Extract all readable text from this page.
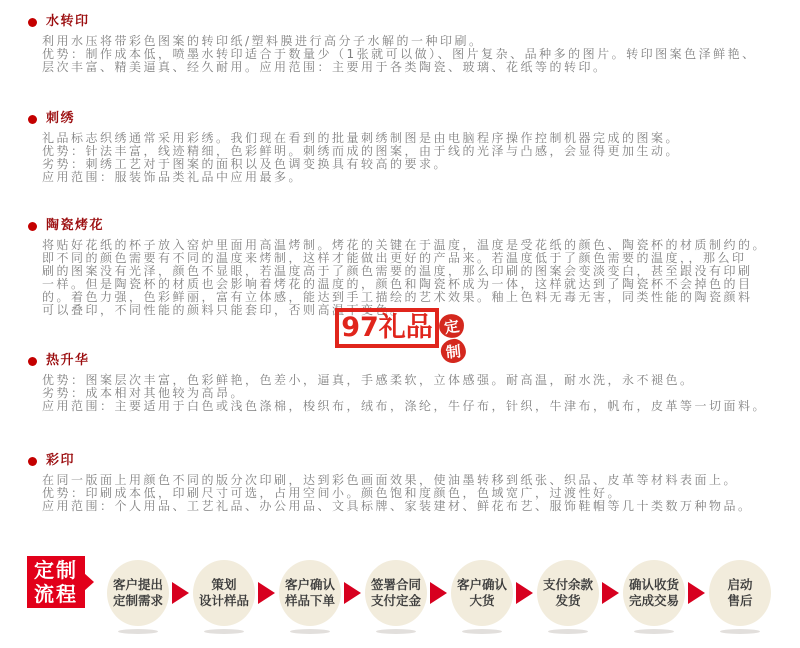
水转印
利用水压将带彩色图案的转印纸/塑料膜进行高分子水解的一种印刷。
优势：制作成本低，喷墨水转印适合于数量少（1张就可以做）、图片复杂、品种多的图片。转印图案色泽鲜艳、
层次丰富、精美逼真、经久耐用。应用范围：主要用于各类陶瓷、玻璃、花纸等的转印。
刺绣
礼品标志织绣通常采用彩绣。我们现在看到的批量刺绣制图是由电脑程序操作控制机器完成的图案。
优势：针法丰富，线迹精细，色彩鲜明。刺绣而成的图案，由于线的光泽与凸感，会显得更加生动。
劣势：刺绣工艺对于图案的面积以及色调变换具有较高的要求。
应用范围：服装饰品类礼品中应用最多。
陶瓷烤花
将贴好花纸的杯子放入窑炉里面用高温烤制。烤花的关键在于温度，温度是受花纸的颜色、陶瓷杯的材质制约的。
即不同的颜色需要有不同的温度来烤制，这样才能做出更好的产品来。若温度低于了颜色需要的温度，，那么印
刷的图案没有光泽，颜色不显眼，若温度高于了颜色需要的温度，那么印刷的图案会变淡变白，甚至跟没有印刷
一样。但是陶瓷杯的材质也会影响着烤花的温度的，颜色和陶瓷杯成为一体，这样就达到了陶瓷杯不会掉色的目
的。着色力强，色彩鲜丽，富有立体感，能达到手工描绘的艺术效果。釉上色料无毒无害，同类性能的陶瓷颜料
可以叠印，不同性能的颜料只能套印，否则高温下变色。
热升华
优势：图案层次丰富，色彩鲜艳，色差小，逼真，手感柔软，立体感强。耐高温，耐水洗，永不褪色。
劣势：成本相对其他较为高昂。
应用范围：主要适用于白色或浅色涤棉，梭织布，绒布，涤纶，牛仔布，针织，牛津布，帆布，皮革等一切面料。
彩印
在同一版面上用颜色不同的版分次印刷，达到彩色画面效果，使油墨转移到纸张、织品、皮革等材料表面上。
优势：印刷成本低，印刷尺寸可选，占用空间小。颜色饱和度颜色，色域宽广，过渡性好。
应用范围：个人用品、工艺礼品、办公用品、文具标牌、家装建材、鲜花布艺、服饰鞋帽等几十类数万种物品。
97礼品 定
制
定制
流程	客户提出
定制需求
策划
设计样品
客户确认
样品下单
签署合同
支付定金
客户确认
大货
支付余款
发货
确认收货
完成交易
启动
售后
